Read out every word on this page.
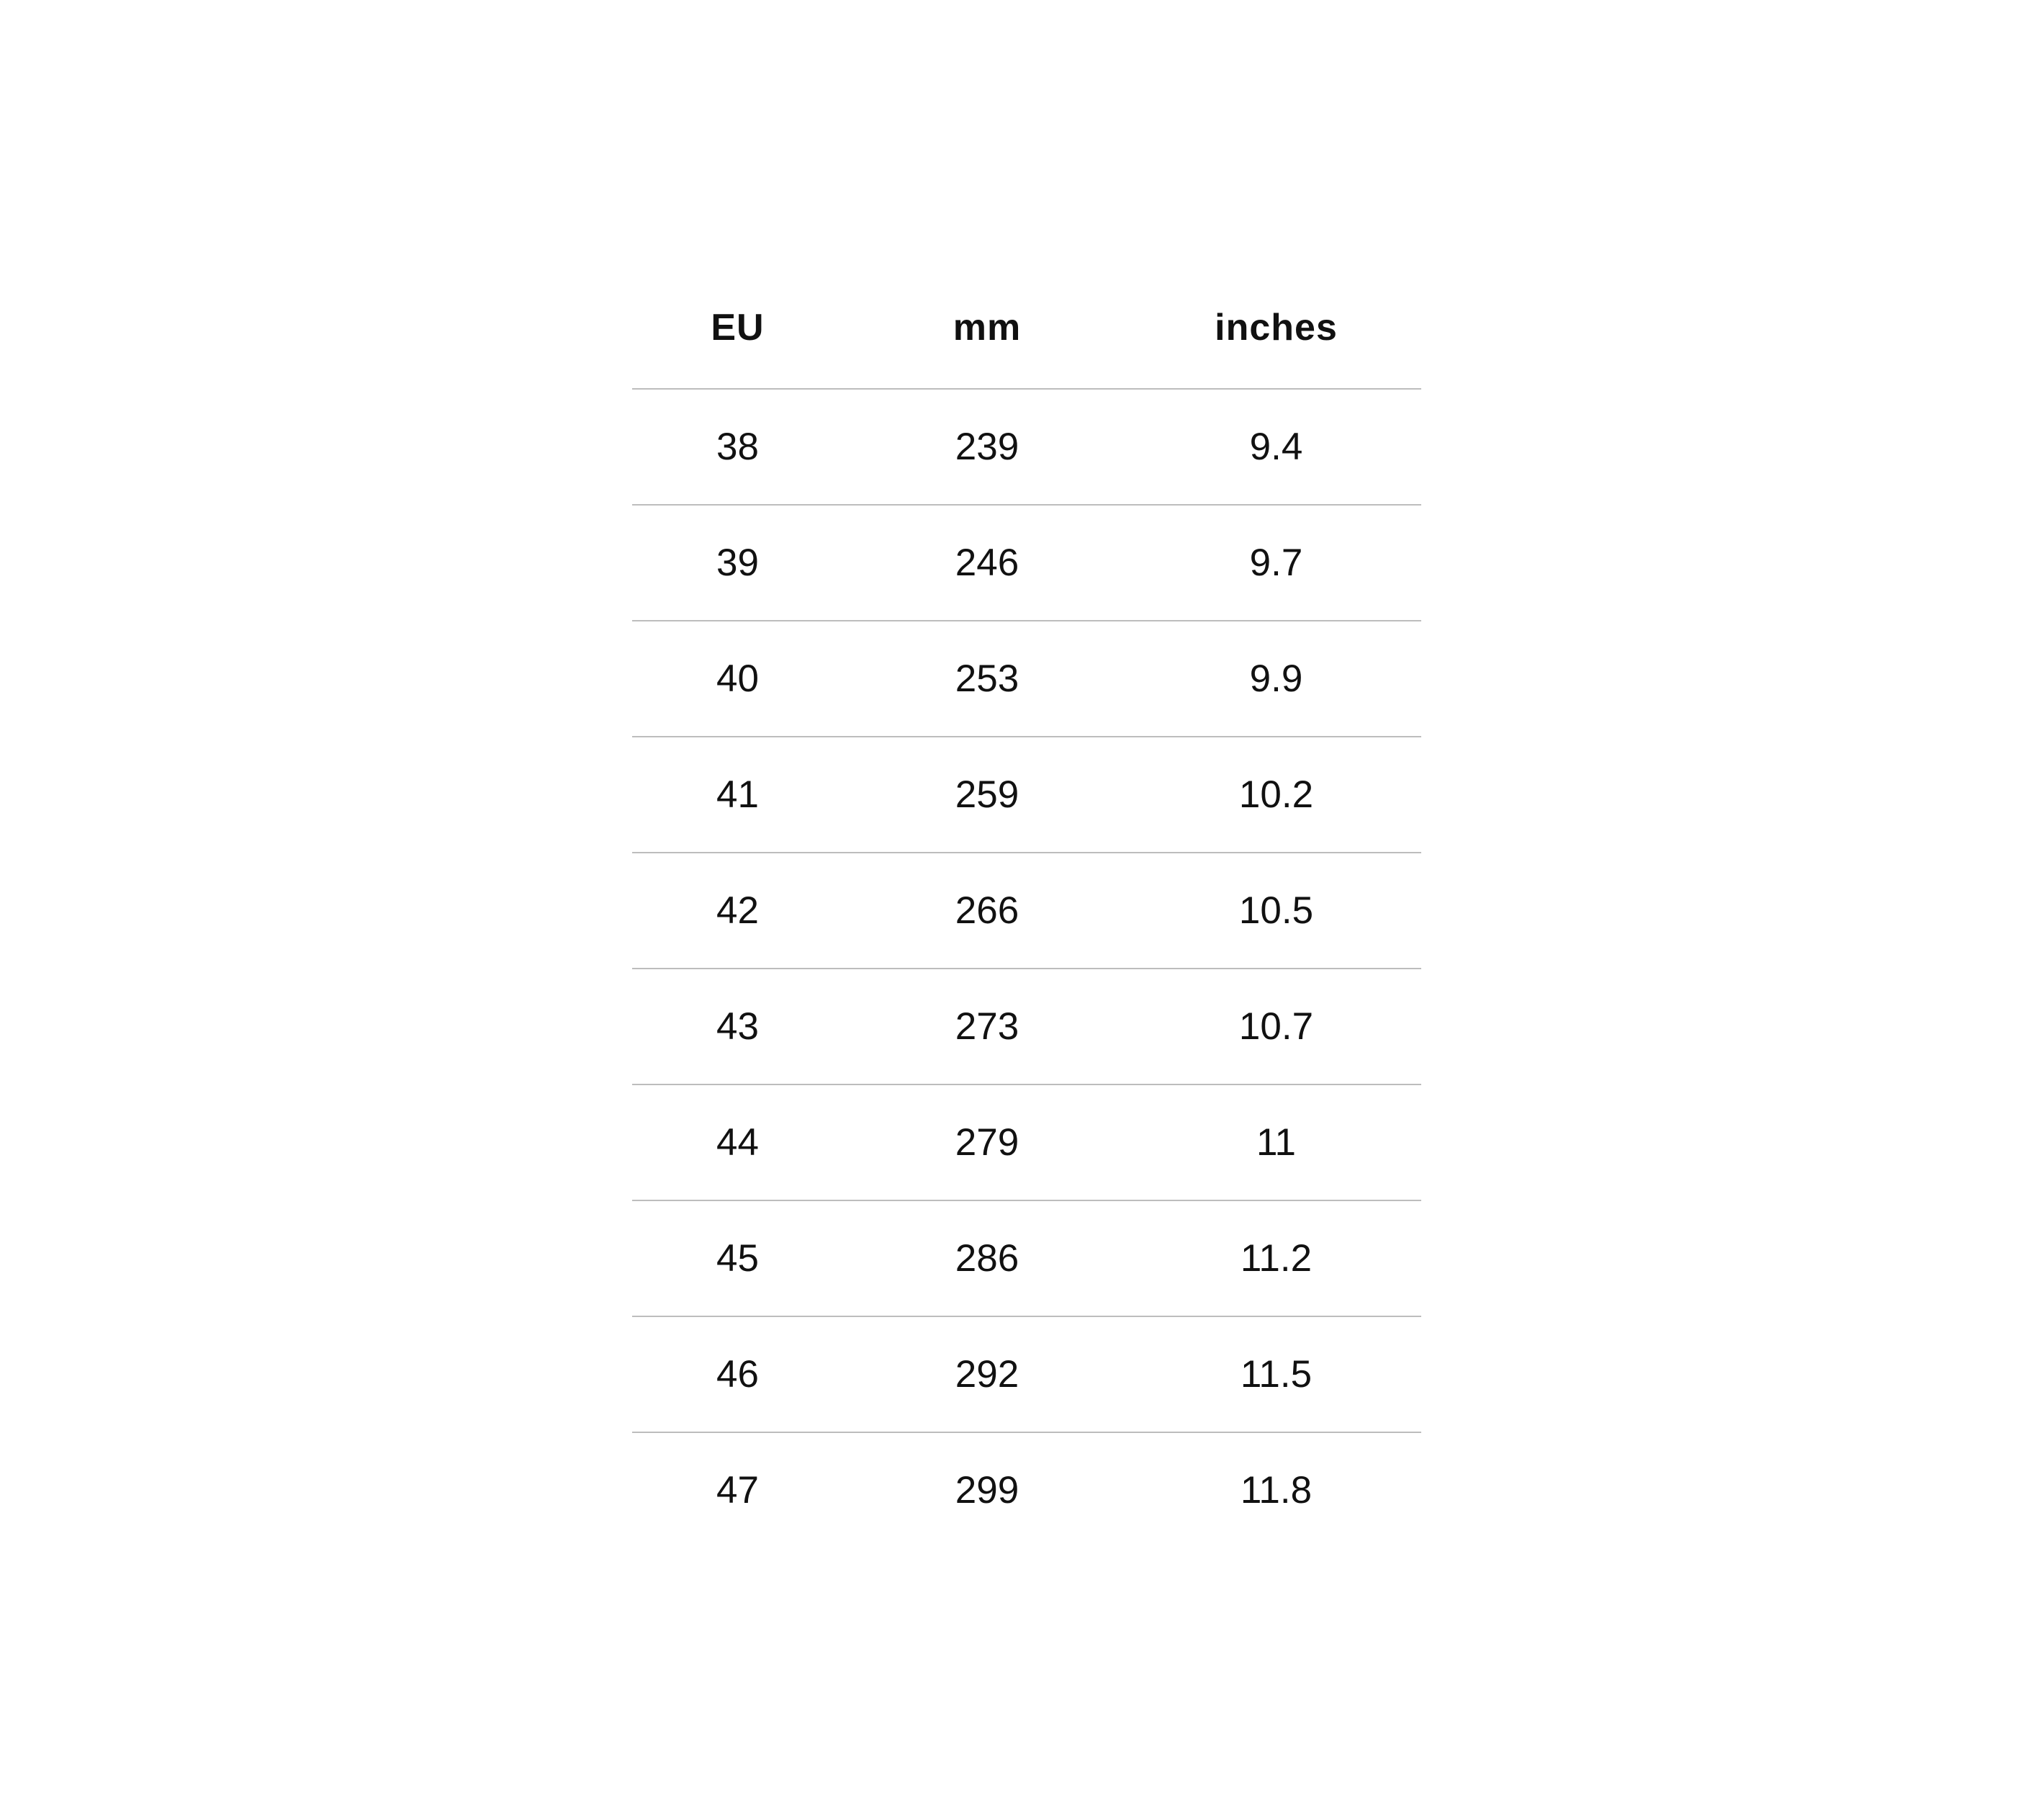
EU	mm	inches
38	239	9.4
39	246	9.7
40	253	9.9
41	259	10.2
42	266	10.5
43	273	10.7
44	279	11
45	286	11.2
46	292	11.5
47	299	11.8
